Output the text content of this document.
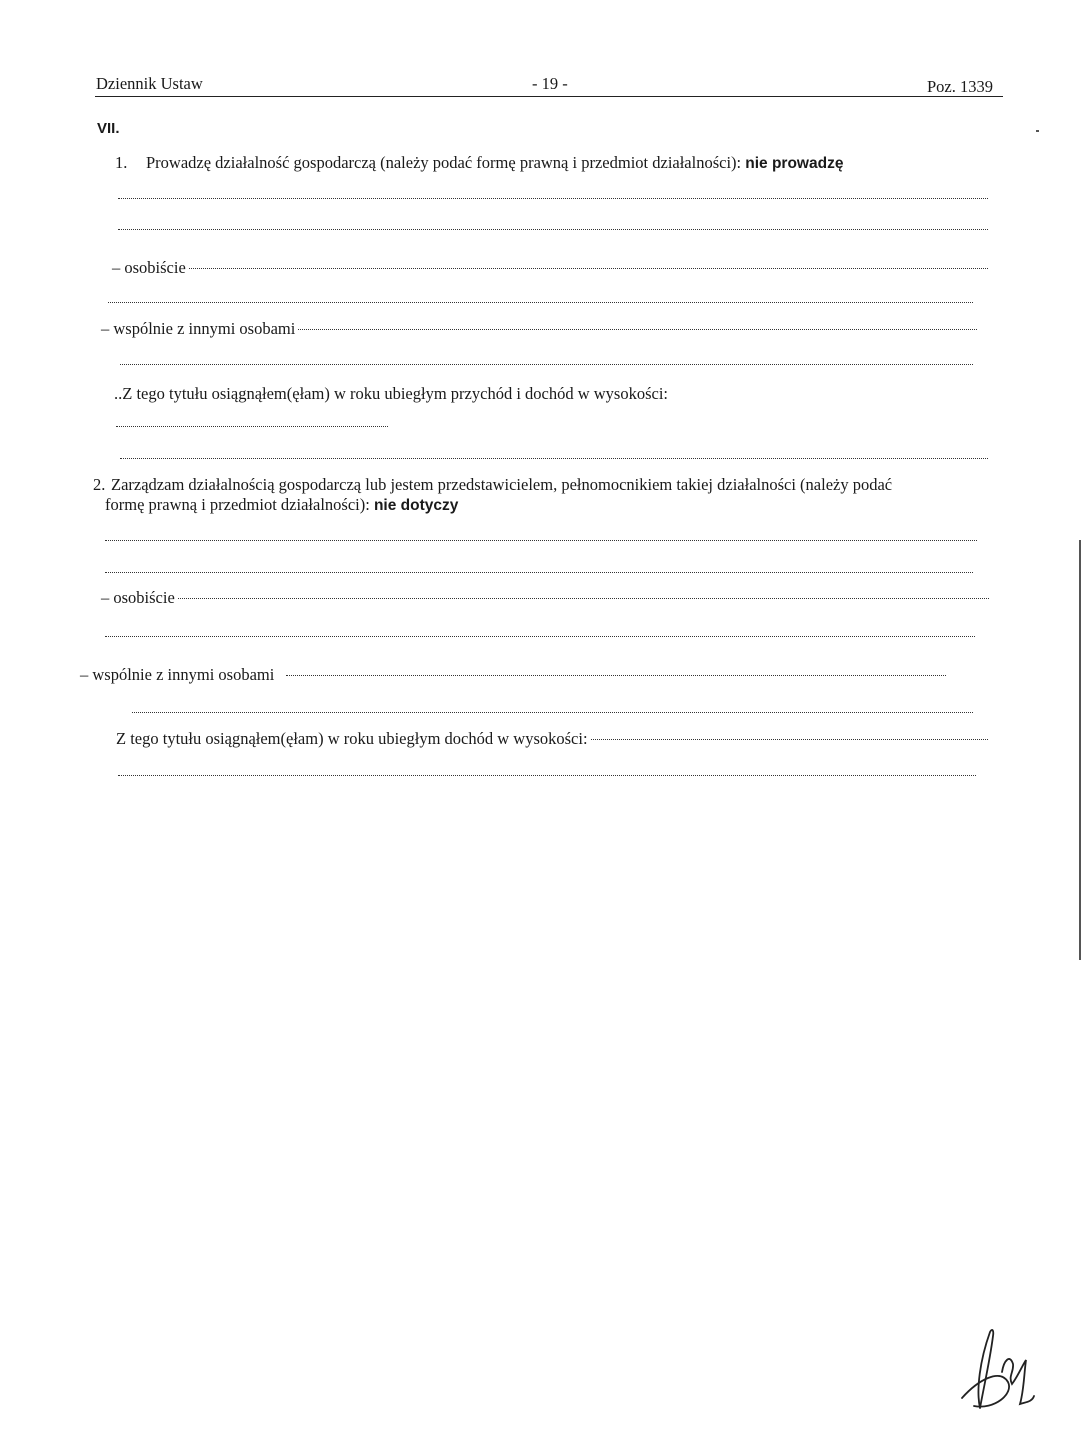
Dziennik Ustaw	- 19 -	Poz. 1339
VII.
1. Prowadzę działalność gospodarczą (należy podać formę prawną i przedmiot działalności): nie prowadzę
– osobiście
– wspólnie z innymi osobami
..Z tego tytułu osiągnąłem(ęłam) w roku ubiegłym przychód i dochód w wysokości:
2. Zarządzam działalnością gospodarczą lub jestem przedstawicielem, pełnomocnikiem takiej działalności (należy podać
formę prawną i przedmiot działalności): nie dotyczy
– osobiście
– wspólnie z innymi osobami
Z tego tytułu osiągnąłem(ęłam) w roku ubiegłym dochód w wysokości:
